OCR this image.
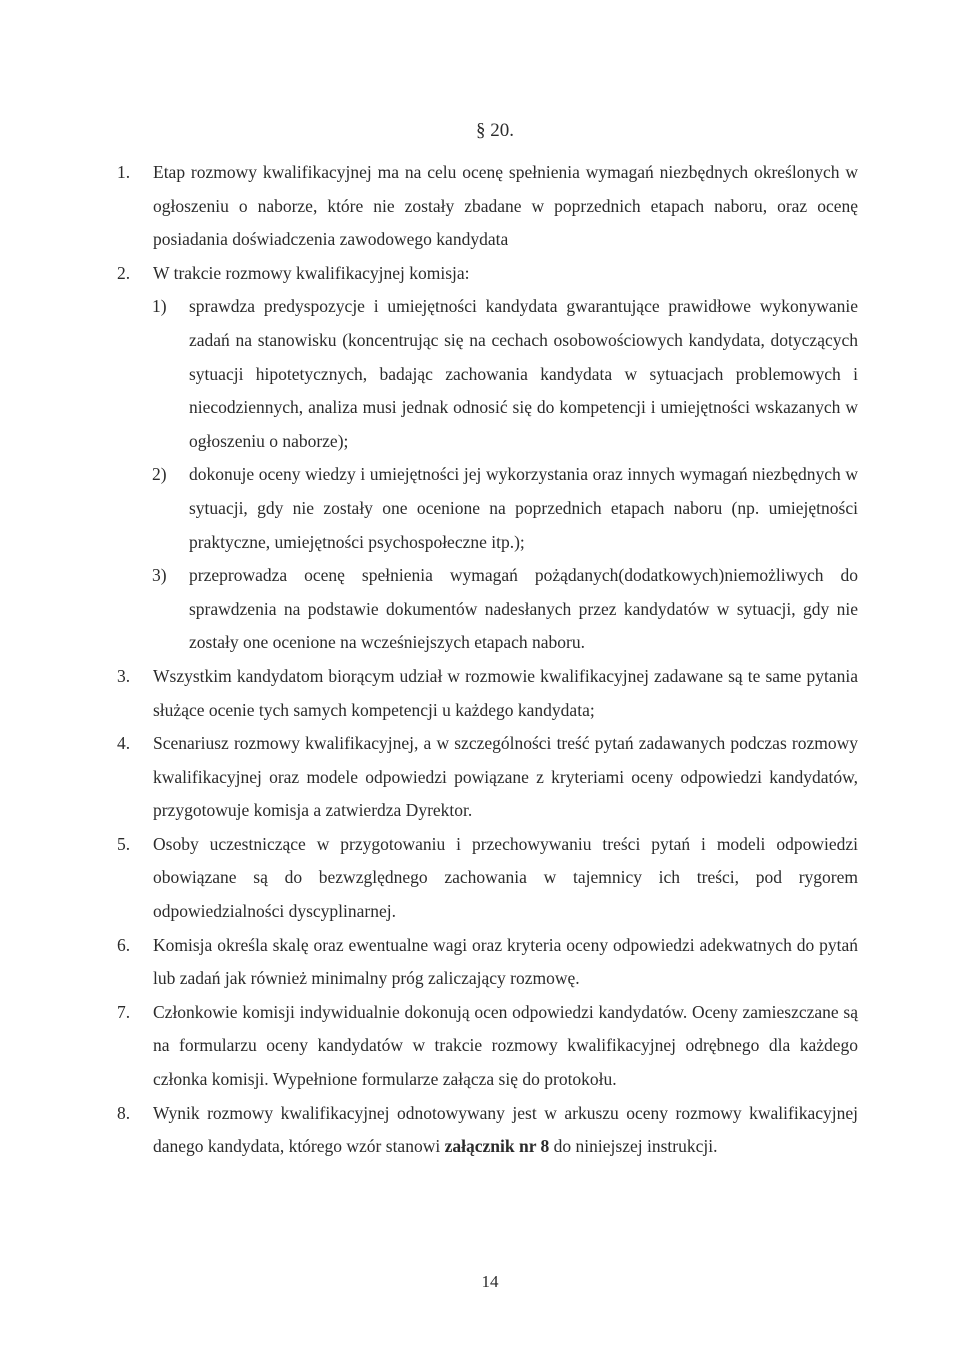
§ 20.

1. Etap rozmowy kwalifikacyjnej ma na celu ocenę spełnienia wymagań niezbędnych określonych w ogłoszeniu o naborze, które nie zostały zbadane w poprzednich etapach naboru, oraz ocenę posiadania doświadczenia zawodowego kandydata

2. W trakcie rozmowy kwalifikacyjnej komisja:

1) sprawdza predyspozycje i umiejętności kandydata gwarantujące prawidłowe wykonywanie zadań na stanowisku (koncentrując się na cechach osobowościowych kandydata, dotyczących sytuacji hipotetycznych, badając zachowania kandydata w sytuacjach problemowych i niecodziennych, analiza musi jednak odnosić się do kompetencji i umiejętności wskazanych w ogłoszeniu o naborze);

2) dokonuje oceny wiedzy i umiejętności jej wykorzystania oraz innych wymagań niezbędnych w sytuacji, gdy nie zostały one ocenione na poprzednich etapach naboru (np. umiejętności praktyczne, umiejętności psychospołeczne itp.);

3) przeprowadza ocenę spełnienia wymagań pożądanych(dodatkowych)niemożliwych do sprawdzenia na podstawie dokumentów nadesłanych przez kandydatów w sytuacji, gdy nie zostały one ocenione na wcześniejszych etapach naboru.

3. Wszystkim kandydatom biorącym udział w rozmowie kwalifikacyjnej zadawane są te same pytania służące ocenie tych samych kompetencji u każdego kandydata;

4. Scenariusz rozmowy kwalifikacyjnej, a w szczególności treść pytań zadawanych podczas rozmowy kwalifikacyjnej oraz modele odpowiedzi powiązane z kryteriami oceny odpowiedzi kandydatów, przygotowuje komisja a zatwierdza Dyrektor.

5. Osoby uczestniczące w przygotowaniu i przechowywaniu treści pytań i modeli odpowiedzi obowiązane są do bezwzględnego zachowania w tajemnicy ich treści, pod rygorem odpowiedzialności dyscyplinarnej.

6. Komisja określa skalę oraz ewentualne wagi oraz kryteria oceny odpowiedzi adekwatnych do pytań lub zadań jak również minimalny próg zaliczający rozmowę.

7. Członkowie komisji indywidualnie dokonują ocen odpowiedzi kandydatów. Oceny zamieszczane są na formularzu oceny kandydatów w trakcie rozmowy kwalifikacyjnej odrębnego dla każdego członka komisji. Wypełnione formularze załącza się do protokołu.

8. Wynik rozmowy kwalifikacyjnej odnotowywany jest w arkuszu oceny rozmowy kwalifikacyjnej danego kandydata, którego wzór stanowi załącznik nr 8 do niniejszej instrukcji.

14
